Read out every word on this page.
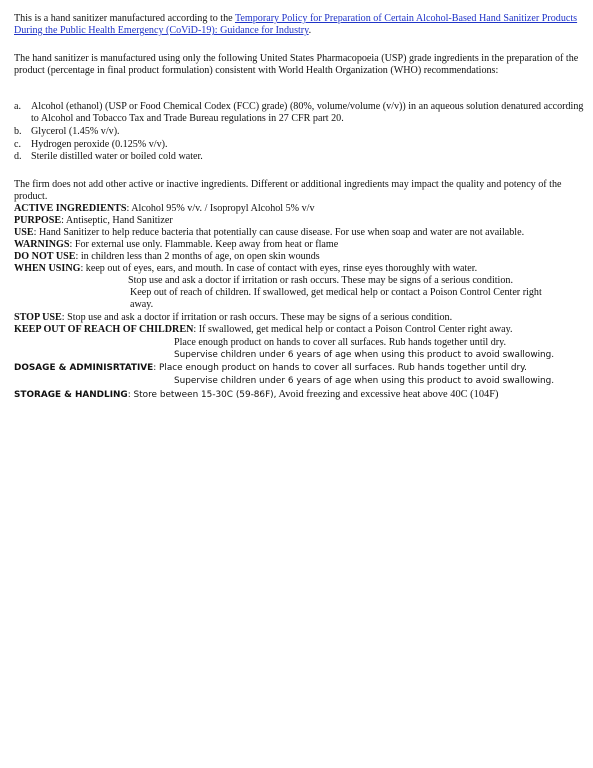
This is a hand sanitizer manufactured according to the Temporary Policy for Preparation of Certain Alcohol-Based Hand Sanitizer Products During the Public Health Emergency (CoViD-19): Guidance for Industry.
The hand sanitizer is manufactured using only the following United States Pharmacopoeia (USP) grade ingredients in the preparation of the product (percentage in final product formulation) consistent with World Health Organization (WHO) recommendations:
a. Alcohol (ethanol) (USP or Food Chemical Codex (FCC) grade) (80%, volume/volume (v/v)) in an aqueous solution denatured according to Alcohol and Tobacco Tax and Trade Bureau regulations in 27 CFR part 20.
b. Glycerol (1.45% v/v).
c. Hydrogen peroxide (0.125% v/v).
d. Sterile distilled water or boiled cold water.
The firm does not add other active or inactive ingredients. Different or additional ingredients may impact the quality and potency of the product.
ACTIVE INGREDIENTS: Alcohol 95% v/v. / Isopropyl Alcohol 5% v/v
PURPOSE: Antiseptic, Hand Sanitizer
USE: Hand Sanitizer to help reduce bacteria that potentially can cause disease. For use when soap and water are not available.
WARNINGS: For external use only. Flammable. Keep away from heat or flame
DO NOT USE: in children less than 2 months of age, on open skin wounds
WHEN USING: keep out of eyes, ears, and mouth. In case of contact with eyes, rinse eyes thoroughly with water.
Stop use and ask a doctor if irritation or rash occurs. These may be signs of a serious condition.
Keep out of reach of children. If swallowed, get medical help or contact a Poison Control Center right
away.
STOP USE: Stop use and ask a doctor if irritation or rash occurs. These may be signs of a serious condition.
KEEP OUT OF REACH OF CHILDREN: If swallowed, get medical help or contact a Poison Control Center right away.
Place enough product on hands to cover all surfaces. Rub hands together until dry.
Supervise children under 6 years of age when using this product to avoid swallowing.
DOSAGE & ADMINISRTATIVE: Place enough product on hands to cover all surfaces. Rub hands together until dry.
Supervise children under 6 years of age when using this product to avoid swallowing.
STORAGE & HANDLING: Store between 15-30C (59-86F), Avoid freezing and excessive heat above 40C (104F)
